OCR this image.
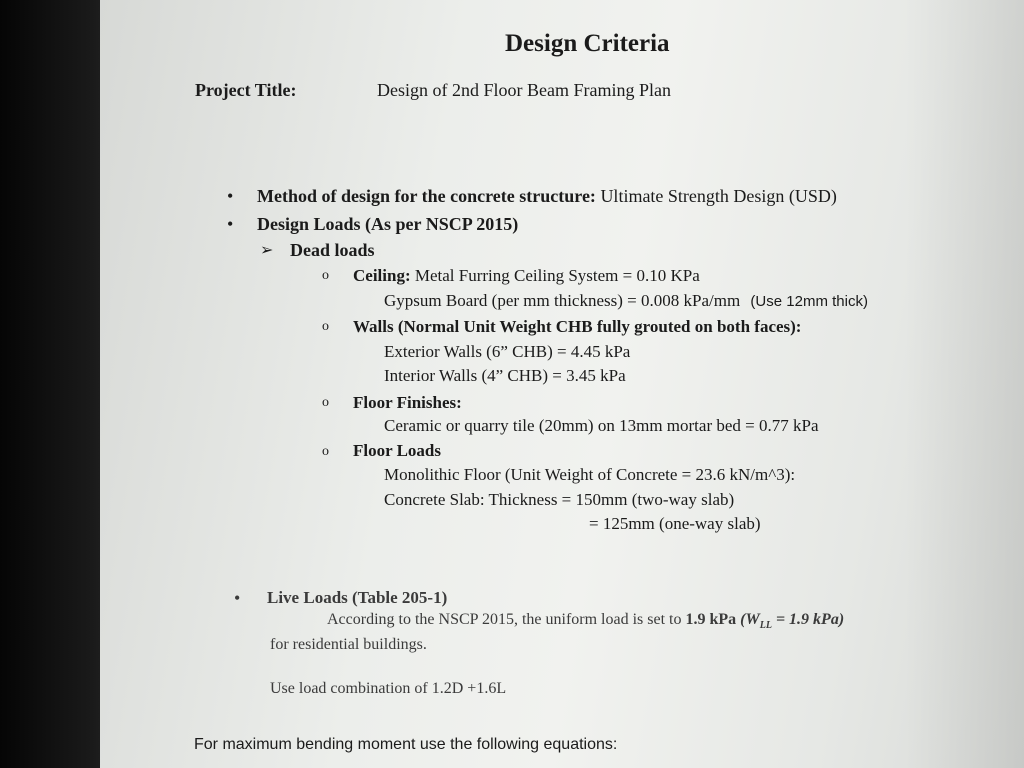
Design Criteria
Project Title:	Design of 2nd Floor Beam Framing Plan
• Method of design for the concrete structure: Ultimate Strength Design (USD)
• Design Loads (As per NSCP 2015)
➢ Dead loads
o Ceiling: Metal Furring Ceiling System = 0.10 KPa
Gypsum Board (per mm thickness) = 0.008 kPa/mm (Use 12mm thick)
o Walls (Normal Unit Weight CHB fully grouted on both faces):
Exterior Walls (6” CHB) = 4.45 kPa
Interior Walls (4” CHB) = 3.45 kPa
o Floor Finishes:
Ceramic or quarry tile (20mm) on 13mm mortar bed = 0.77 kPa
o Floor Loads
Monolithic Floor (Unit Weight of Concrete = 23.6 kN/m^3):
Concrete Slab: Thickness = 150mm (two-way slab)
= 125mm (one-way slab)
• Live Loads (Table 205-1)
According to the NSCP 2015, the uniform load is set to 1.9 kPa ($W_{LL} = 1.9$ kPa)
for residential buildings.
Use load combination of 1.2D +1.6L
For maximum bending moment use the following equations:
